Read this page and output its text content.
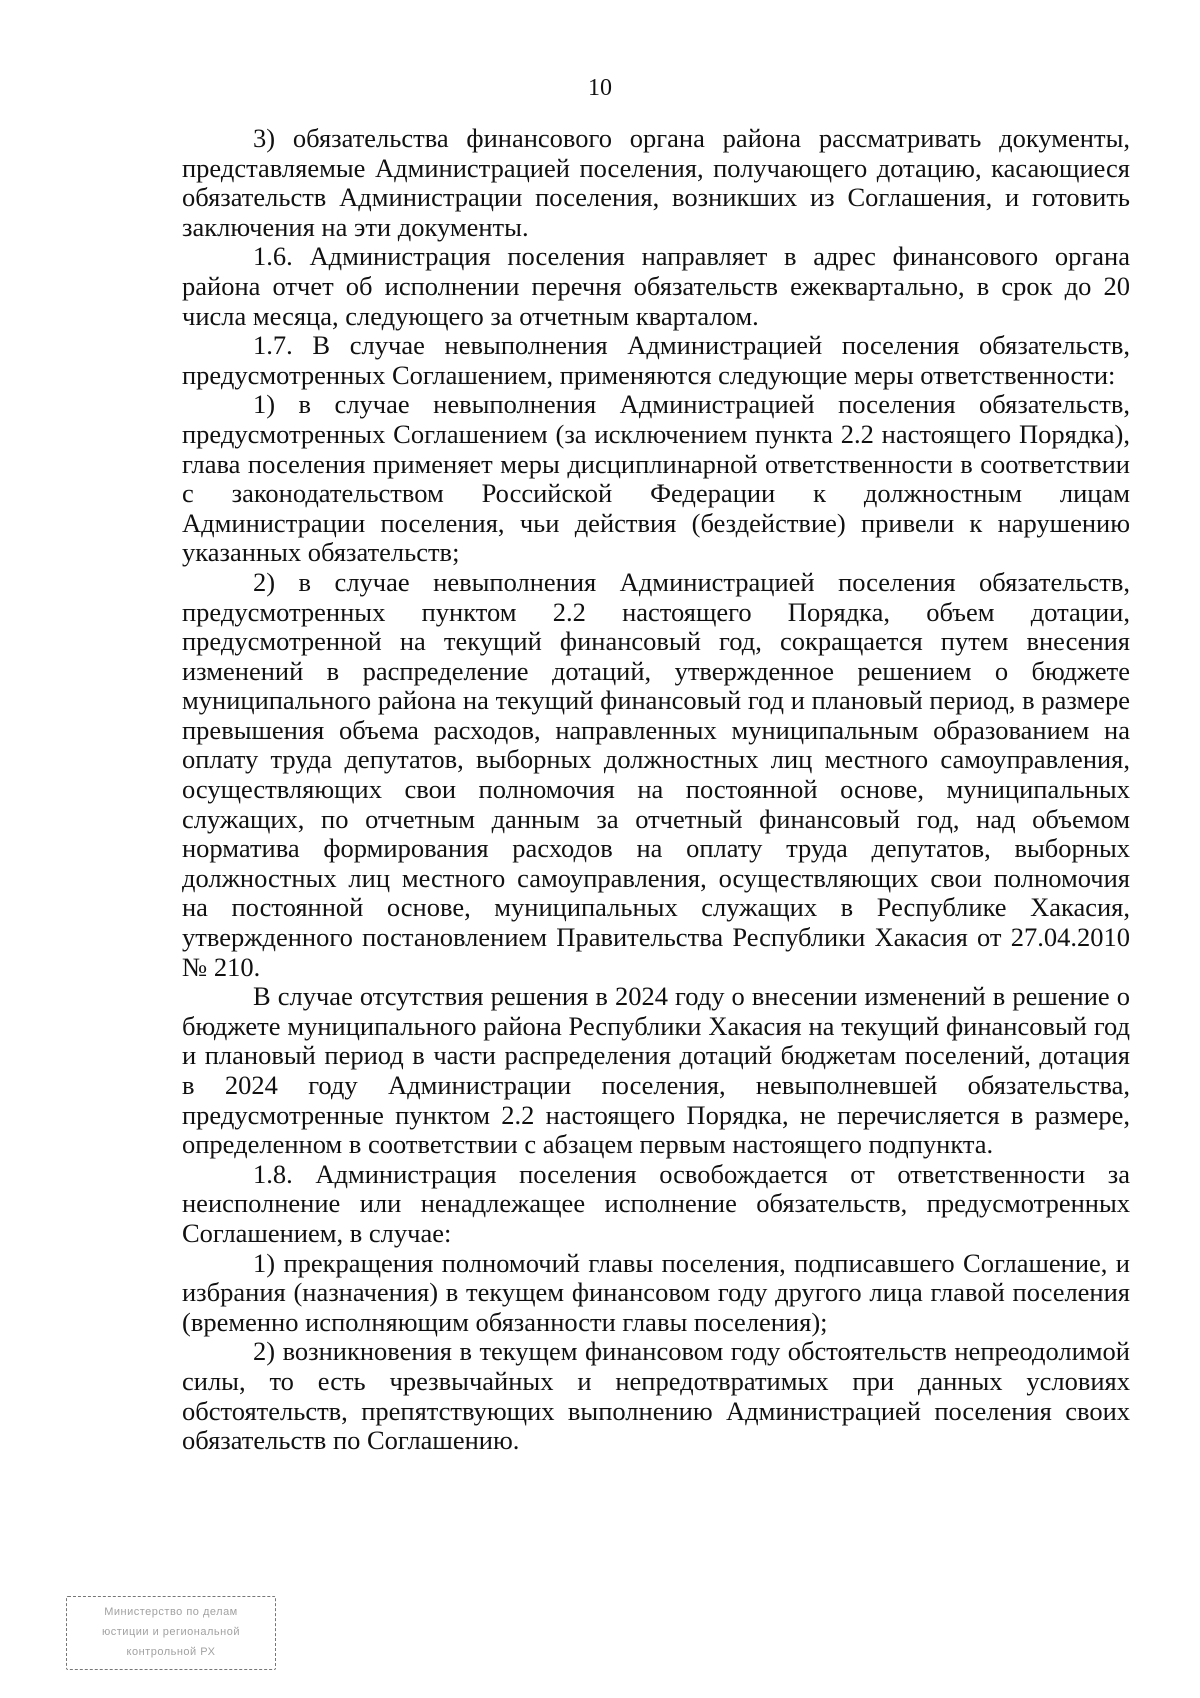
10

3) обязательства финансового органа района рассматривать документы, представляемые Администрацией поселения, получающего дотацию, касающиеся обязательств Администрации поселения, возникших из Соглашения, и готовить заключения на эти документы.

1.6. Администрация поселения направляет в адрес финансового органа района отчет об исполнении перечня обязательств ежеквартально, в срок до 20 числа месяца, следующего за отчетным кварталом.

1.7. В случае невыполнения Администрацией поселения обязательств, предусмотренных Соглашением, применяются следующие меры ответственности:

1) в случае невыполнения Администрацией поселения обязательств, предусмотренных Соглашением (за исключением пункта 2.2 настоящего Порядка), глава поселения применяет меры дисциплинарной ответственности в соответствии с законодательством Российской Федерации к должностным лицам Администрации поселения, чьи действия (бездействие) привели к нарушению указанных обязательств;

2) в случае невыполнения Администрацией поселения обязательств, предусмотренных пунктом 2.2 настоящего Порядка, объем дотации, предусмотренной на текущий финансовый год, сокращается путем внесения изменений в распределение дотаций, утвержденное решением о бюджете муниципального района на текущий финансовый год и плановый период, в размере превышения объема расходов, направленных муниципальным образованием на оплату труда депутатов, выборных должностных лиц местного самоуправления, осуществляющих свои полномочия на постоянной основе, муниципальных служащих, по отчетным данным за отчетный финансовый год, над объемом норматива формирования расходов на оплату труда депутатов, выборных должностных лиц местного самоуправления, осуществляющих свои полномочия на постоянной основе, муниципальных служащих в Республике Хакасия, утвержденного постановлением Правительства Республики Хакасия от 27.04.2010 № 210.

В случае отсутствия решения в 2024 году о внесении изменений в решение о бюджете муниципального района Республики Хакасия на текущий финансовый год и плановый период в части распределения дотаций бюджетам поселений, дотация в 2024 году Администрации поселения, невыполневшей обязательства, предусмотренные пунктом 2.2 настоящего Порядка, не перечисляется в размере, определенном в соответствии с абзацем первым настоящего подпункта.

1.8. Администрация поселения освобождается от ответственности за неисполнение или ненадлежащее исполнение обязательств, предусмотренных Соглашением, в случае:

1) прекращения полномочий главы поселения, подписавшего Соглашение, и избрания (назначения) в текущем финансовом году другого лица главой поселения (временно исполняющим обязанности главы поселения);

2) возникновения в текущем финансовом году обстоятельств непреодолимой силы, то есть чрезвычайных и непредотвратимых при данных условиях обстоятельств, препятствующих выполнению Администрацией поселения своих обязательств по Соглашению.

Министерство по делам
юстиции и региональной
контрольной РХ
